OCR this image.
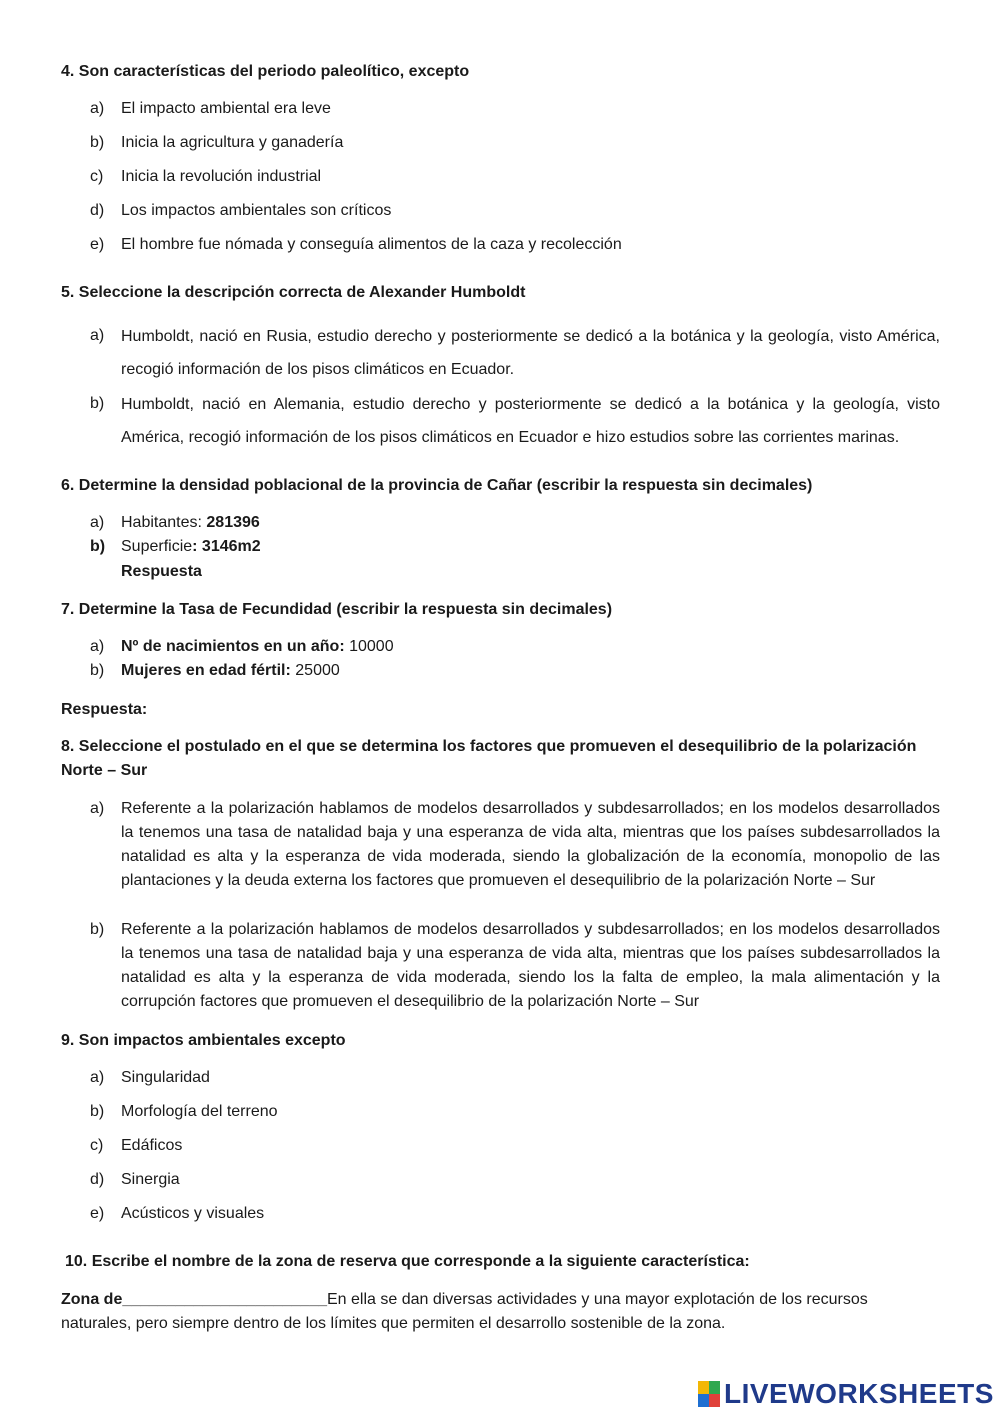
4. Son características del periodo paleolítico, excepto
a)	El impacto ambiental era leve
b)	Inicia la agricultura y ganadería
c)	Inicia la revolución industrial
d)	Los impactos ambientales son críticos
e)	El hombre fue nómada y conseguía alimentos de la caza y recolección
5. Seleccione la descripción correcta de Alexander Humboldt
a)	Humboldt, nació en Rusia, estudio derecho y posteriormente se dedicó a la botánica y la geología, visto América, recogió información de los pisos climáticos en Ecuador.
b)	Humboldt, nació en Alemania, estudio derecho y posteriormente se dedicó a la botánica y la geología, visto América, recogió información de los pisos climáticos en Ecuador e hizo estudios sobre las corrientes marinas.
6. Determine la densidad poblacional de la provincia de Cañar (escribir la respuesta sin decimales)
a)	Habitantes: 281396
b) Superficie: 3146m2
Respuesta
7. Determine la Tasa de Fecundidad (escribir la respuesta sin decimales)
a)	Nº de nacimientos en un año: 10000
b)	Mujeres en edad fértil: 25000
Respuesta:
8. Seleccione el postulado en el que se determina los factores que promueven el desequilibrio de la polarización Norte – Sur
a)	Referente a la polarización hablamos de modelos desarrollados y subdesarrollados; en los modelos desarrollados la tenemos una tasa de natalidad baja y una esperanza de vida alta, mientras que los países subdesarrollados la natalidad es alta y la esperanza de vida moderada, siendo la globalización de la economía, monopolio de las plantaciones y la deuda externa los factores que promueven el desequilibrio de la polarización Norte – Sur
b)	Referente a la polarización hablamos de modelos desarrollados y subdesarrollados; en los modelos desarrollados la tenemos una tasa de natalidad baja y una esperanza de vida alta, mientras que los países subdesarrollados la natalidad es alta y la esperanza de vida moderada, siendo los la falta de empleo, la mala alimentación y la corrupción factores que promueven el desequilibrio de la polarización Norte – Sur
9. Son impactos ambientales excepto
a)	Singularidad
b)	Morfología del terreno
c)	Edáficos
d)	Sinergia
e)	Acústicos y visuales
10. Escribe el nombre de la zona de reserva que corresponde a la siguiente característica:
Zona de_______________________En ella se dan diversas actividades y una mayor explotación de los recursos naturales, pero siempre dentro de los límites que permiten el desarrollo sostenible de la zona.
LIVEWORKSHEETS
